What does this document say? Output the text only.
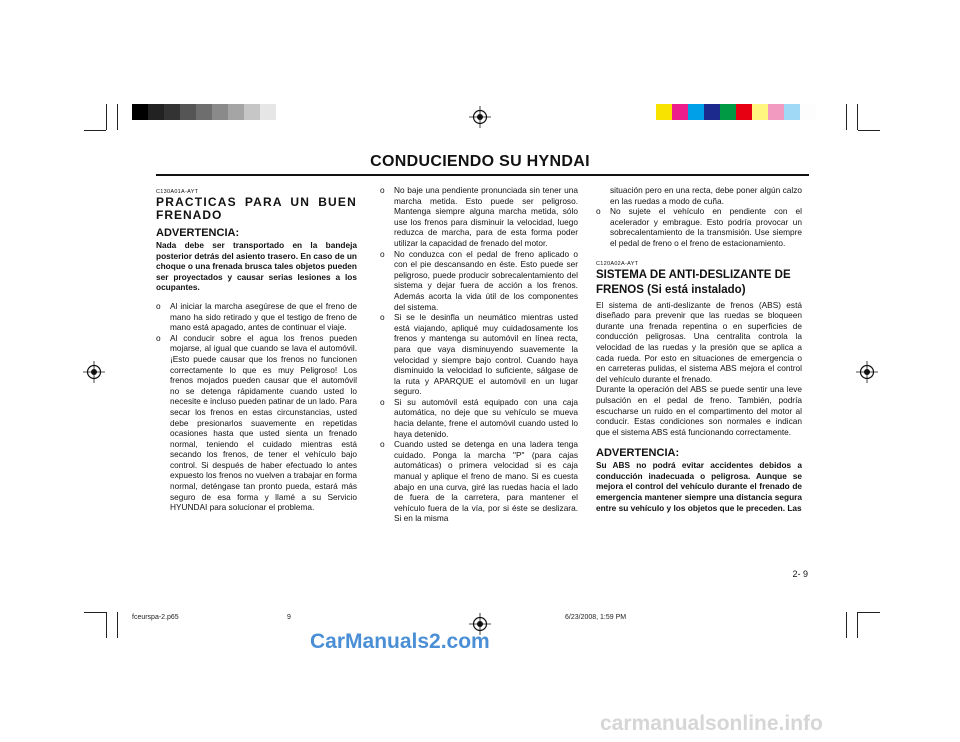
CONDUCIENDO SU HYNDAI
C130A01A-AYT
PRACTICAS PARA UN BUEN
FRENADO
ADVERTENCIA:
Nada debe ser transportado en la bandeja posterior detrás del asiento trasero. En caso de un choque o una frenada brusca tales objetos pueden ser proyectados y causar serias lesiones a los ocupantes.
o	Al iniciar la marcha asegúrese de que el freno de mano ha sido retirado y que el testigo de freno de mano está apagado, antes de continuar el viaje.
o	Al conducir sobre el agua los frenos pueden mojarse, al igual que cuando se lava el automóvil. ¡Esto puede causar que los frenos no funcionen correctamente lo que es muy Peligroso! Los frenos mojados pueden causar que el automóvil no se detenga rápidamente cuando usted lo necesite e incluso pueden patinar de un lado. Para secar los frenos en estas circunstancias, usted debe presionarlos suavemente en repetidas ocasiones hasta que usted sienta un frenado normal, teniendo el cuidado mientras está secando los frenos, de tener el vehículo bajo control. Si después de haber efectuado lo antes expuesto los frenos no vuelven a trabajar en forma normal, deténgase tan pronto pueda, estará más seguro de esa forma y llamé a su Servicio HYUNDAI para solucionar el problema.
o	No baje una pendiente pronunciada sin tener una marcha metida. Esto puede ser peligroso. Mantenga siempre alguna marcha metida, sólo use los frenos para disminuir la velocidad, luego reduzca de marcha, para de esta forma poder utilizar la capacidad de frenado del motor.
o	No conduzca con el pedal de freno aplicado o con el pie descansando en éste. Esto puede ser peligroso, puede producir sobrecalentamiento del sistema y dejar fuera de acción a los frenos. Además acorta la vida útil de los componentes del sistema.
o	Si se le desinfla un neumático mientras usted está viajando, apliqué muy cuidadosamente los frenos y mantenga su automóvil en línea recta, para que vaya disminuyendo suavemente la velocidad y siempre bajo control. Cuando haya disminuido la velocidad lo suficiente, sálgase de la ruta y APARQUE el automóvil en un lugar seguro.
o	Si su automóvil está equipado con una caja automática, no deje que su vehículo se mueva hacia delante, frene el automóvil cuando usted lo haya detenido.
o	Cuando usted se detenga en una ladera tenga cuidado. Ponga la marcha "P" (para cajas automáticas) o primera velocidad si es caja manual y aplique el freno de mano. Si es cuesta abajo en una curva, giré las ruedas hacia el lado de fuera de la carretera, para mantener el vehículo fuera de la vía, por si éste se deslizara. Si en la misma
situación pero en una recta, debe poner algún calzo en las ruedas a modo de cuña.
o	No sujete el vehículo en pendiente con el acelerador y embrague. Esto podría provocar un sobrecalentamiento de la transmisión. Use siempre el pedal de freno o el freno de estacionamiento.
C120A02A-AYT
SISTEMA DE ANTI-DESLIZANTE DE FRENOS (Si está instalado)
El sistema de anti-deslizante de frenos (ABS) está diseñado para prevenir que las ruedas se bloqueen durante una frenada repentina o en superficies de conducción peligrosas. Una centralita controla la velocidad de las ruedas y la presión que se aplica a cada rueda. Por esto en situaciones de emergencia o en carreteras pulidas, el sistema ABS mejora el control del vehículo durante el frenado.
Durante la operación del ABS se puede sentir una leve pulsación en el pedal de freno. También, podría escucharse un ruido en el compartimento del motor al conducir. Estas condiciones son normales e indican que el sistema ABS está funcionando correctamente.
ADVERTENCIA:
Su ABS no podrá evitar accidentes debidos a conducción inadecuada o peligrosa. Aunque se mejora el control del vehículo durante el frenado de emergencia mantener siempre una distancia segura entre su vehículo y los objetos que le preceden. Las
2- 9
fceurspa-2.p65	9	6/23/2008, 1:59 PM
CarManuals2.com
carmanualsonline.info
